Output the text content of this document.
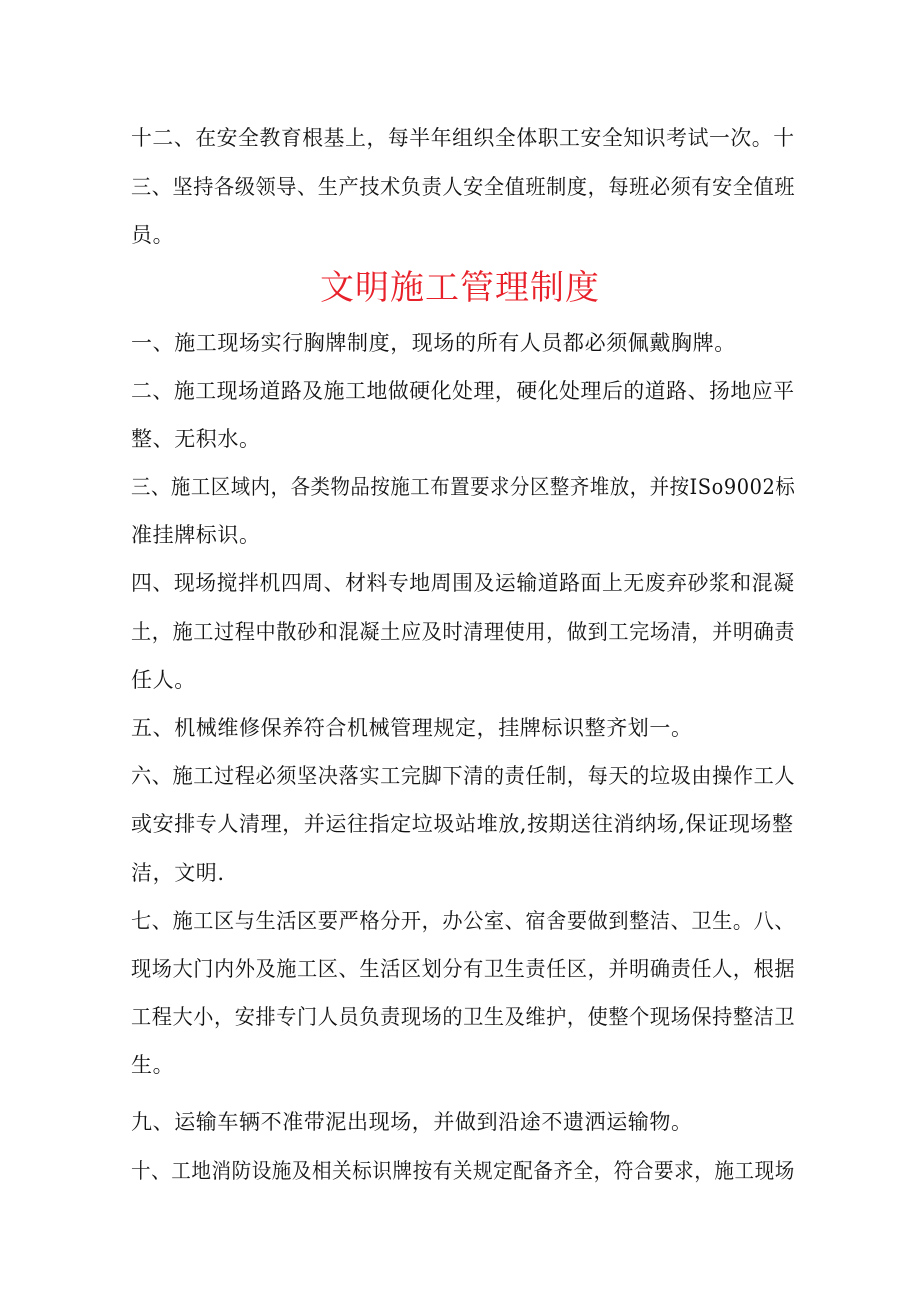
十二、在安全教育根基上，每半年组织全体职工安全知识考试一次。十
三、坚持各级领导、生产技术负责人安全值班制度，每班必须有安全值班
员。
文明施工管理制度
一、施工现场实行胸牌制度，现场的所有人员都必须佩戴胸牌。
二、施工现场道路及施工地做硬化处理，硬化处理后的道路、扬地应平
整、无积水。
三、施工区域内，各类物品按施工布置要求分区整齐堆放，并按ISo9002标
准挂牌标识。
四、现场搅拌机四周、材料专地周围及运输道路面上无废弃砂浆和混凝
土，施工过程中散砂和混凝土应及时清理使用，做到工完场清，并明确责
任人。
五、机械维修保养符合机械管理规定，挂牌标识整齐划一。
六、施工过程必须坚决落实工完脚下清的责任制，每天的垃圾由操作工人
或安排专人清理，并运往指定垃圾站堆放,按期送往消纳场,保证现场整
洁，文明.
七、施工区与生活区要严格分开，办公室、宿舍要做到整洁、卫生。八、
现场大门内外及施工区、生活区划分有卫生责任区，并明确责任人，根据
工程大小，安排专门人员负责现场的卫生及维护，使整个现场保持整洁卫
生。
九、运输车辆不准带泥出现场，并做到沿途不遗洒运输物。
十、工地消防设施及相关标识牌按有关规定配备齐全，符合要求，施工现场
